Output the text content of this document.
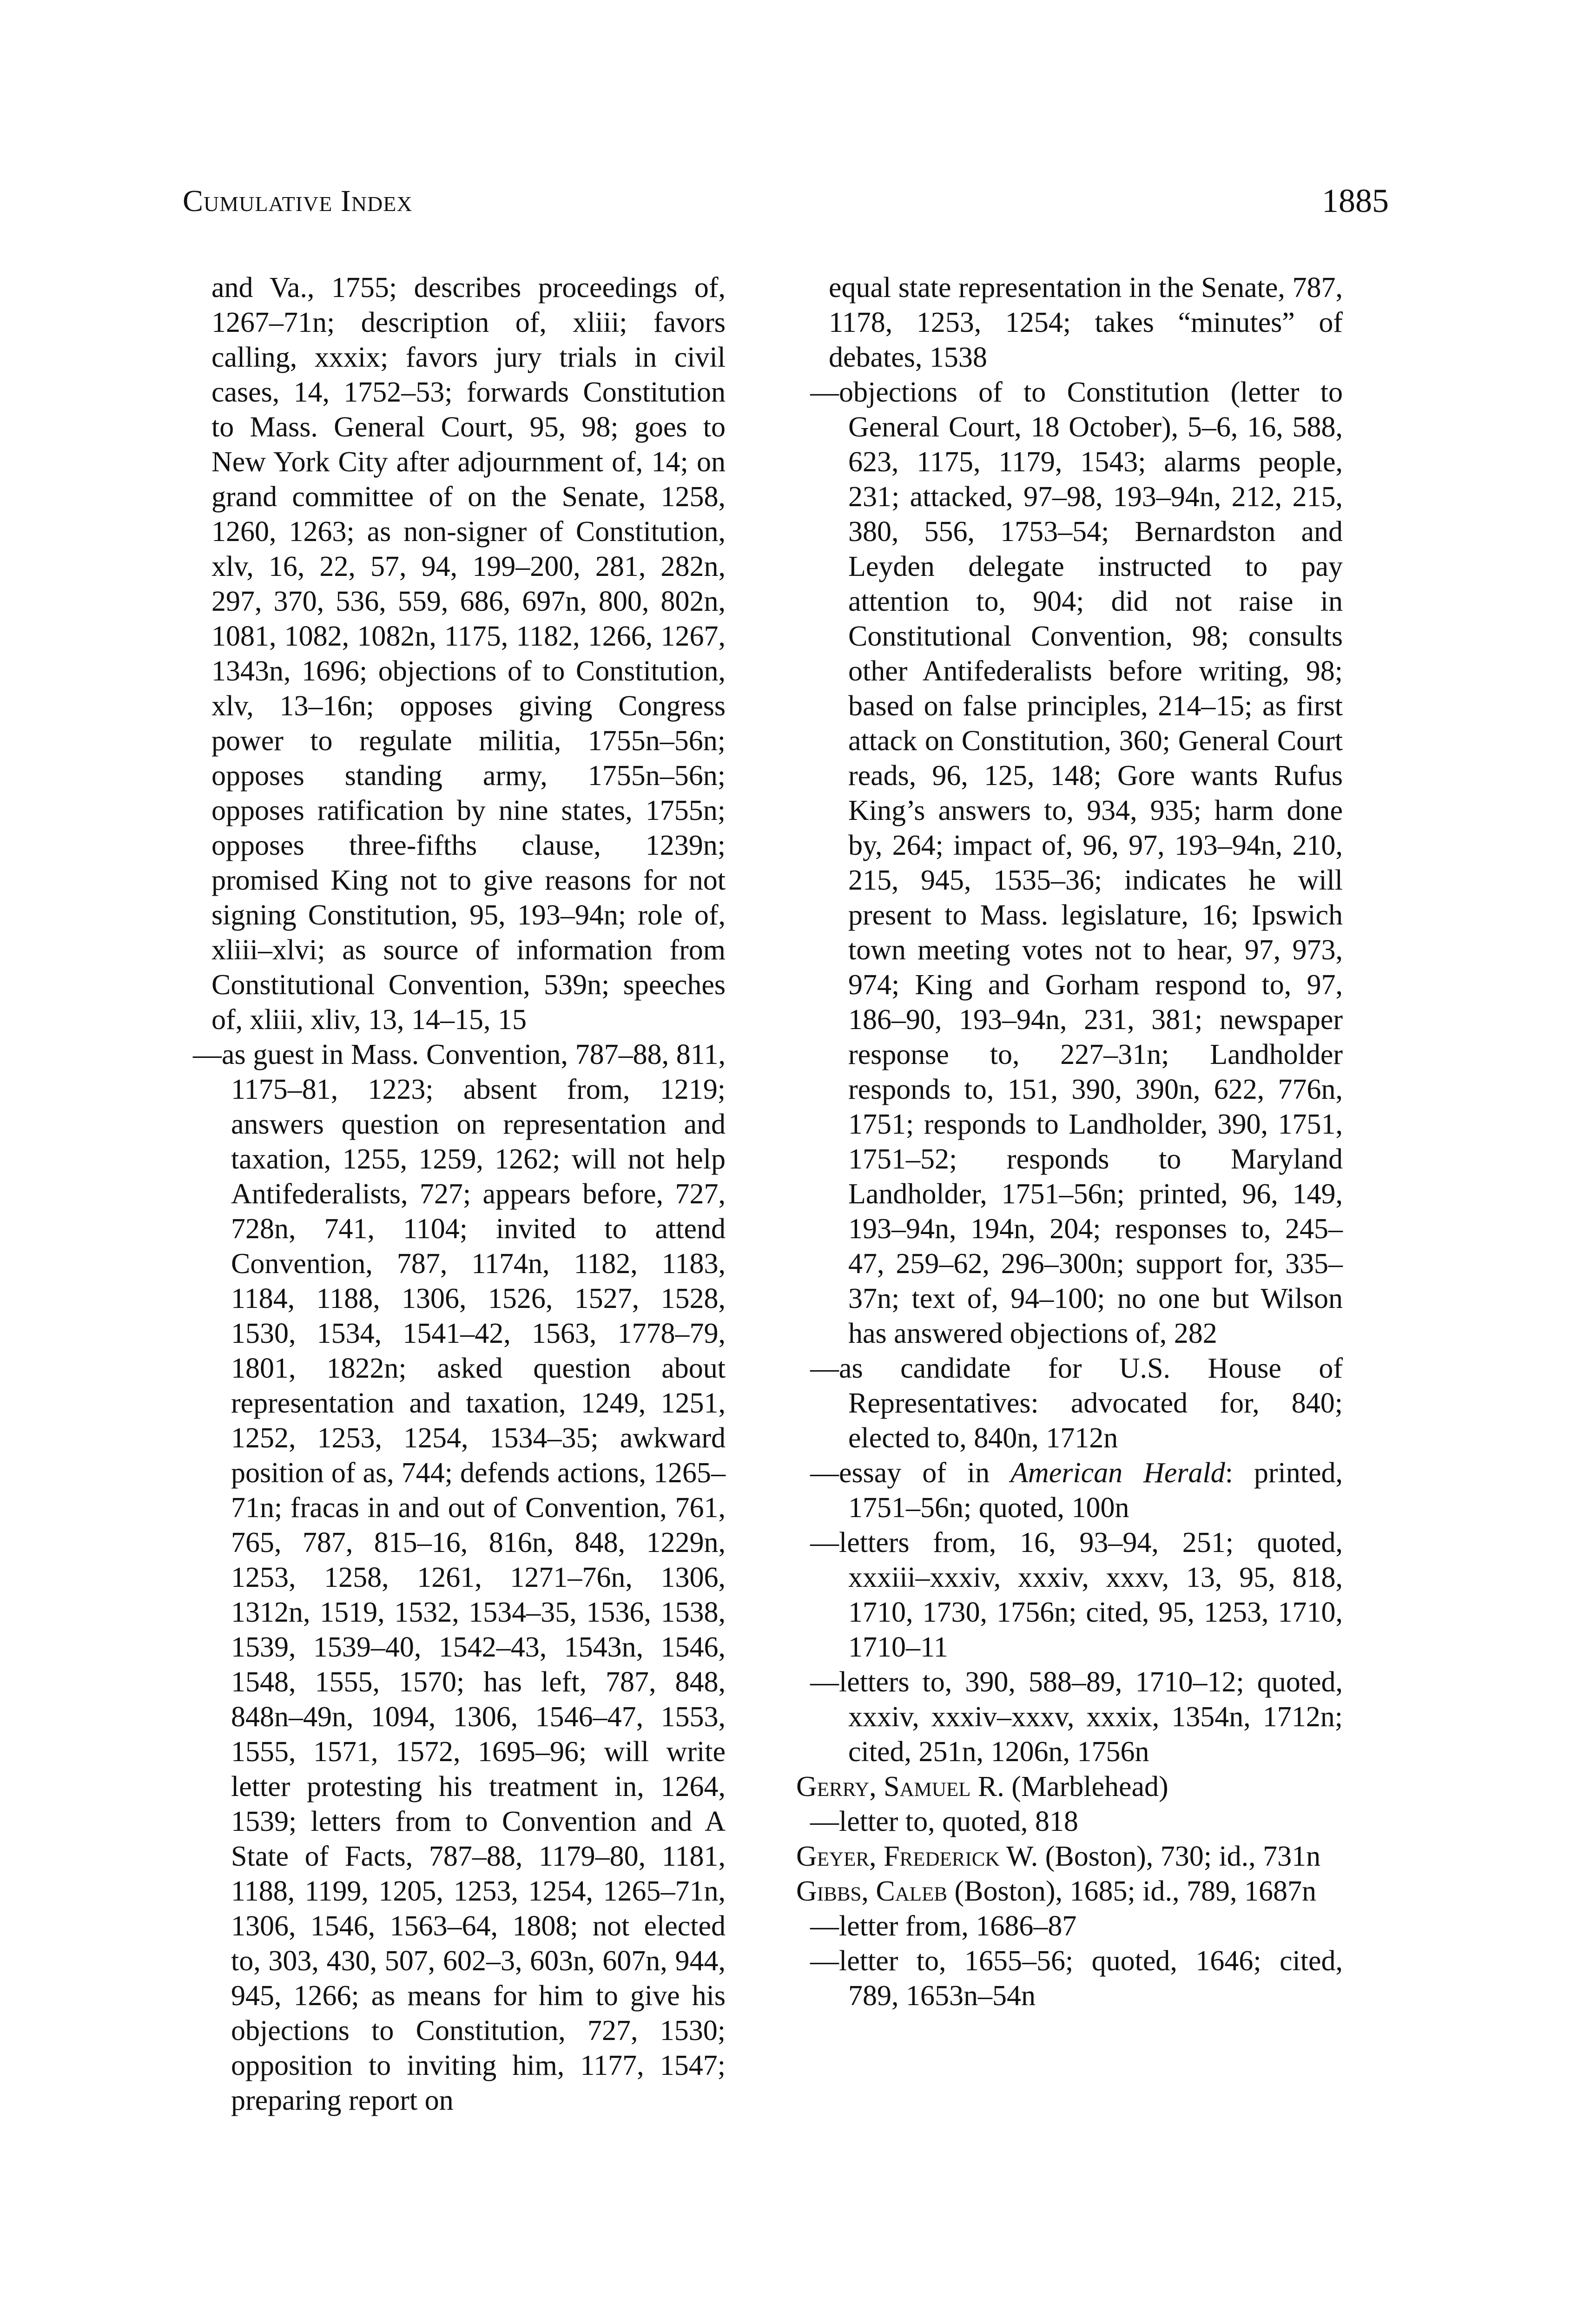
Cumulative Index	1885

and Va., 1755; describes proceedings of, 1267–71n; description of, xliii; favors calling, xxxix; favors jury trials in civil cases, 14, 1752–53; forwards Constitution to Mass. General Court, 95, 98; goes to New York City after adjournment of, 14; on grand committee of on the Senate, 1258, 1260, 1263; as non-signer of Constitution, xlv, 16, 22, 57, 94, 199–200, 281, 282n, 297, 370, 536, 559, 686, 697n, 800, 802n, 1081, 1082, 1082n, 1175, 1182, 1266, 1267, 1343n, 1696; objections of to Constitution, xlv, 13–16n; opposes giving Congress power to regulate militia, 1755n–56n; opposes standing army, 1755n–56n; opposes ratification by nine states, 1755n; opposes three-fifths clause, 1239n; promised King not to give reasons for not signing Constitution, 95, 193–94n; role of, xliii–xlvi; as source of information from Constitutional Convention, 539n; speeches of, xliii, xliv, 13, 14–15, 15

—as guest in Mass. Convention, 787–88, 811, 1175–81, 1223; absent from, 1219; answers question on representation and taxation, 1255, 1259, 1262; will not help Antifederalists, 727; appears before, 727, 728n, 741, 1104; invited to attend Convention, 787, 1174n, 1182, 1183, 1184, 1188, 1306, 1526, 1527, 1528, 1530, 1534, 1541–42, 1563, 1778–79, 1801, 1822n; asked question about representation and taxation, 1249, 1251, 1252, 1253, 1254, 1534–35; awkward position of as, 744; defends actions, 1265–71n; fracas in and out of Convention, 761, 765, 787, 815–16, 816n, 848, 1229n, 1253, 1258, 1261, 1271–76n, 1306, 1312n, 1519, 1532, 1534–35, 1536, 1538, 1539, 1539–40, 1542–43, 1543n, 1546, 1548, 1555, 1570; has left, 787, 848, 848n–49n, 1094, 1306, 1546–47, 1553, 1555, 1571, 1572, 1695–96; will write letter protesting his treatment in, 1264, 1539; letters from to Convention and A State of Facts, 787–88, 1179–80, 1181, 1188, 1199, 1205, 1253, 1254, 1265–71n, 1306, 1546, 1563–64, 1808; not elected to, 303, 430, 507, 602–3, 603n, 607n, 944, 945, 1266; as means for him to give his objections to Constitution, 727, 1530; opposition to inviting him, 1177, 1547; preparing report on

equal state representation in the Senate, 787, 1178, 1253, 1254; takes “minutes” of debates, 1538

—objections of to Constitution (letter to General Court, 18 October), 5–6, 16, 588, 623, 1175, 1179, 1543; alarms people, 231; attacked, 97–98, 193–94n, 212, 215, 380, 556, 1753–54; Bernardston and Leyden delegate instructed to pay attention to, 904; did not raise in Constitutional Convention, 98; consults other Antifederalists before writing, 98; based on false principles, 214–15; as first attack on Constitution, 360; General Court reads, 96, 125, 148; Gore wants Rufus King’s answers to, 934, 935; harm done by, 264; impact of, 96, 97, 193–94n, 210, 215, 945, 1535–36; indicates he will present to Mass. legislature, 16; Ipswich town meeting votes not to hear, 97, 973, 974; King and Gorham respond to, 97, 186–90, 193–94n, 231, 381; newspaper response to, 227–31n; Landholder responds to, 151, 390, 390n, 622, 776n, 1751; responds to Landholder, 390, 1751, 1751–52; responds to Maryland Landholder, 1751–56n; printed, 96, 149, 193–94n, 194n, 204; responses to, 245–47, 259–62, 296–300n; support for, 335–37n; text of, 94–100; no one but Wilson has answered objections of, 282

—as candidate for U.S. House of Representatives: advocated for, 840; elected to, 840n, 1712n

—essay of in American Herald: printed, 1751–56n; quoted, 100n

—letters from, 16, 93–94, 251; quoted, xxxiii–xxxiv, xxxiv, xxxv, 13, 95, 818, 1710, 1730, 1756n; cited, 95, 1253, 1710, 1710–11

—letters to, 390, 588–89, 1710–12; quoted, xxxiv, xxxiv–xxxv, xxxix, 1354n, 1712n; cited, 251n, 1206n, 1756n

Gerry, Samuel R. (Marblehead)

—letter to, quoted, 818

Geyer, Frederick W. (Boston), 730; id., 731n

Gibbs, Caleb (Boston), 1685; id., 789, 1687n

—letter from, 1686–87

—letter to, 1655–56; quoted, 1646; cited, 789, 1653n–54n
